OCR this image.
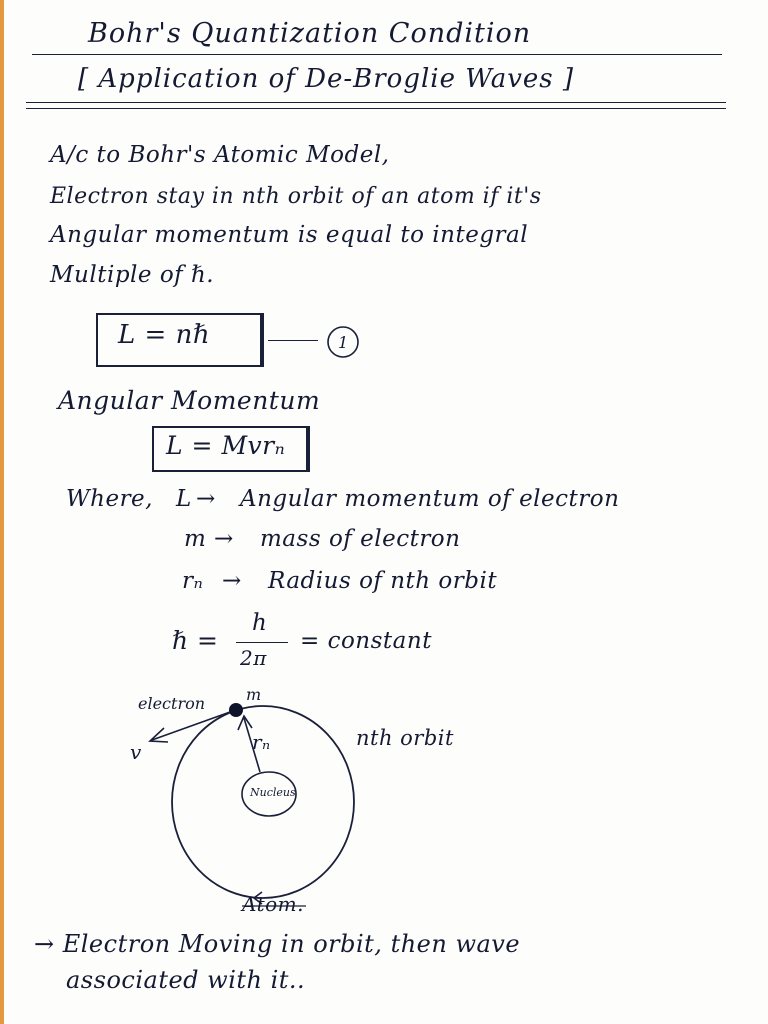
Bohr's Quantization Condition
[ Application of De-Broglie Waves ]
A/c to Bohr's Atomic Model,
Electron stay in nth orbit of an atom if it's
Angular momentum is equal to integral
Multiple of ℏ.
L = nℏ	1
Angular Momentum
L = Mvrₙ
Where, L → Angular momentum of electron
m → mass of electron
rₙ → Radius of nth orbit
ℏ =
h
2π
= constant
electron	m
v	rₙ	nth orbit
Nucleus
Atom.
→ Electron Moving in orbit, then wave
associated with it..
